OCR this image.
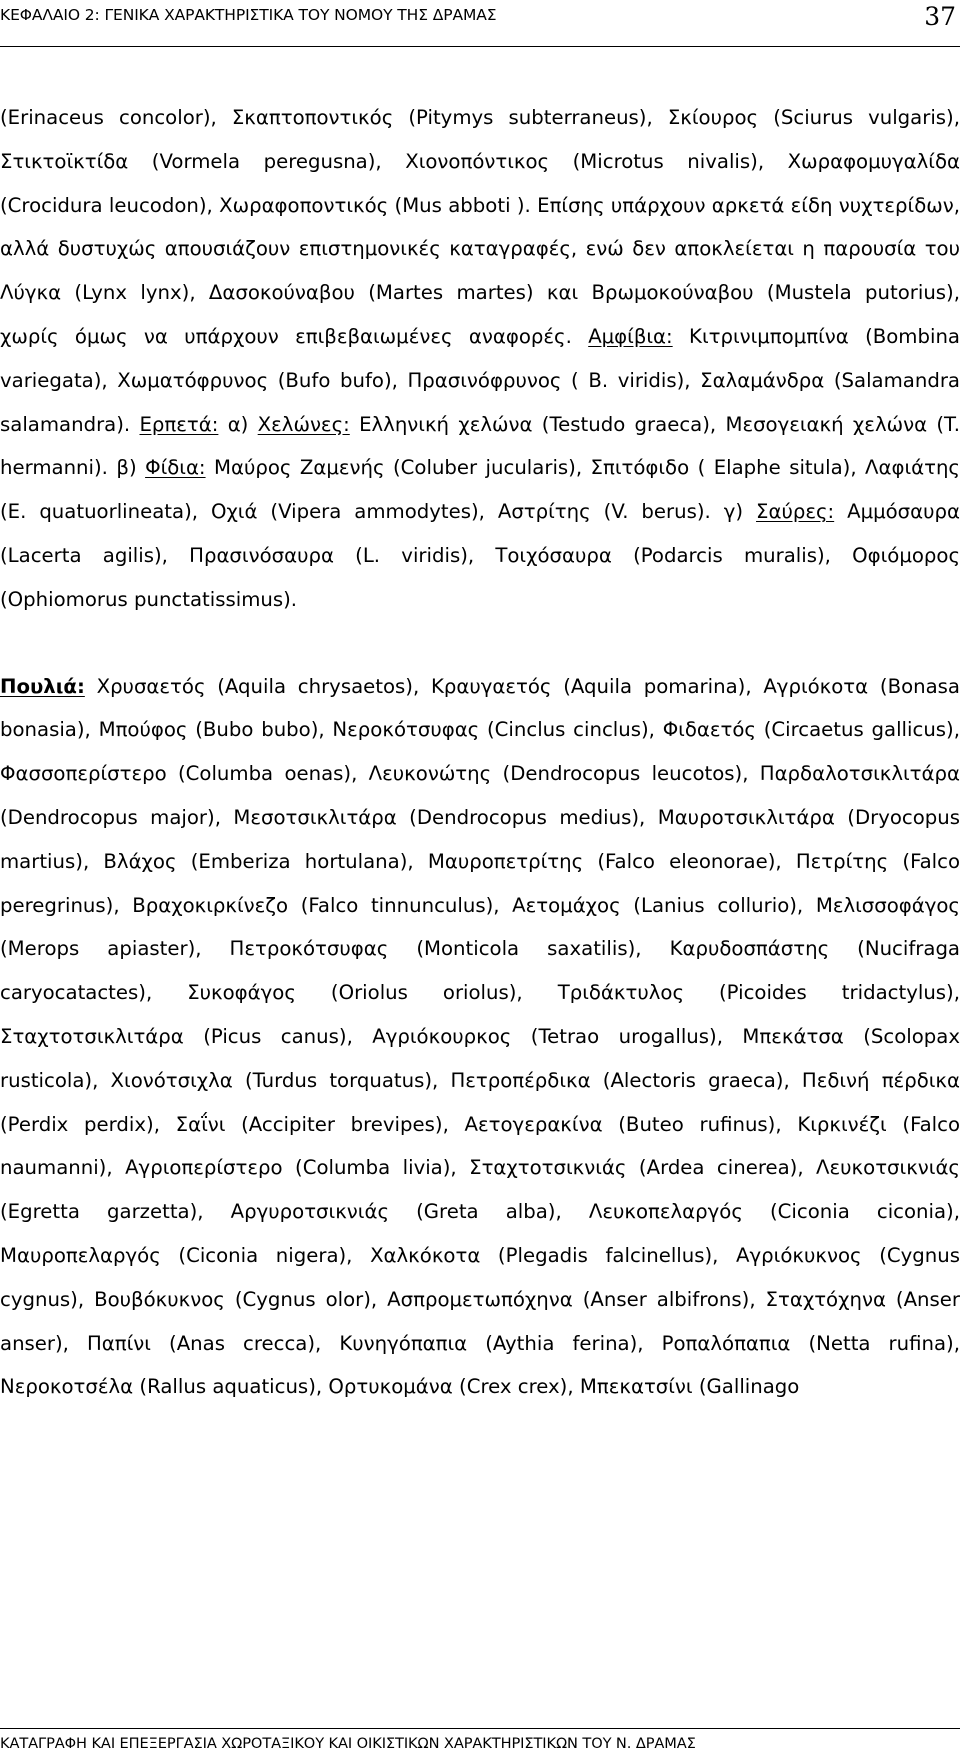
ΚΕΦΑΛΑΙΟ 2: ΓΕΝΙΚΑ ΧΑΡΑΚΤΗΡΙΣΤΙΚΑ ΤΟΥ ΝΟΜΟΥ ΤΗΣ ΔΡΑΜΑΣ	37

(Erinaceus concolor), Σκαπτοποντικός (Pitymys subterraneus), Σκίουρος (Sciurus vulgaris), Στικτοϊκτίδα (Vormela peregusna), Χιονοπόντικος (Microtus nivalis), Χωραφομυγαλίδα (Crocidura leucodon), Χωραφοποντικός (Mus abboti ). Επίσης υπάρχουν αρκετά είδη νυχτερίδων, αλλά δυστυχώς απουσιάζουν επιστημονικές καταγραφές, ενώ δεν αποκλείεται η παρουσία του Λύγκα (Lynx lynx), Δασοκούναβου (Martes martes) και Βρωμοκούναβου (Mustela putorius), χωρίς όμως να υπάρχουν επιβεβαιωμένες αναφορές. Αμφίβια: Κιτρινιμπομπίνα (Bombina variegata), Χωματόφρυνος (Bufo bufo), Πρασινόφρυνος ( B. viridis), Σαλαμάνδρα (Salamandra salamandra). Ερπετά: α) Χελώνες: Ελληνική χελώνα (Testudo graeca), Μεσογειακή χελώνα (T. hermanni). β) Φίδια: Μαύρος Ζαμενής (Coluber jucularis), Σπιτόφιδο ( Elaphe situla), Λαφιάτης (E. quatuorlineata), Οχιά (Vipera ammodytes), Αστρίτης (V. berus). γ) Σαύρες: Αμμόσαυρα (Lacerta agilis), Πρασινόσαυρα (L. viridis), Τοιχόσαυρα (Podarcis muralis), Οφιόμορος (Ophiomorus punctatissimus).

Πουλιά: Χρυσαετός (Aquila chrysaetos), Κραυγαετός (Aquila pomarina), Αγριόκοτα (Bonasa bonasia), Μπούφος (Bubo bubo), Νεροκότσυφας (Cinclus cinclus), Φιδαετός (Circaetus gallicus), Φασσοπερίστερο (Columba oenas), Λευκονώτης (Dendrocopus leucotos), Παρδαλοτσικλιτάρα (Dendrocopus major), Μεσοτσικλιτάρα (Dendrocopus medius), Μαυροτσικλιτάρα (Dryocopus martius), Βλάχος (Emberiza hortulana), Μαυροπετρίτης (Falco eleonorae), Πετρίτης (Falco peregrinus), Βραχοκιρκίνεζο (Falco tinnunculus), Αετομάχος (Lanius collurio), Μελισσοφάγος (Merops apiaster), Πετροκότσυφας (Monticola saxatilis), Καρυδοσπάστης (Nucifraga caryocatactes), Συκοφάγος (Oriolus oriolus), Τριδάκτυλος (Picoides tridactylus), Σταχτοτσικλιτάρα (Picus canus), Αγριόκουρκος (Tetrao urogallus), Μπεκάτσα (Scolopax rusticola), Χιονότσιχλα (Turdus torquatus), Πετροπέρδικα (Alectoris graeca), Πεδινή πέρδικα (Perdix perdix), Σαΐνι (Accipiter brevipes), Αετογερακίνα (Buteo rufinus), Κιρκινέζι (Falco naumanni), Αγριοπερίστερο (Columba livia), Σταχτοτσικνιάς (Ardea cinerea), Λευκοτσικνιάς (Egretta garzetta), Αργυροτσικνιάς (Greta alba), Λευκοπελαργός (Ciconia ciconia), Μαυροπελαργός (Ciconia nigera), Χαλκόκοτα (Plegadis falcinellus), Αγριόκυκνος (Cygnus cygnus), Βουβόκυκνος (Cygnus olor), Ασπρομετωπόχηνα (Anser albifrons), Σταχτόχηνα (Anser anser), Παπίνι (Anas crecca), Κυνηγόπαπια (Aythia ferina), Ροπαλόπαπια (Netta rufina), Νεροκοτσέλα (Rallus aquaticus), Ορτυκομάνα (Crex crex), Μπεκατσίνι (Gallinago

ΚΑΤΑΓΡΑΦΗ ΚΑΙ ΕΠΕΞΕΡΓΑΣΙΑ ΧΩΡΟΤΑΞΙΚΟΥ ΚΑΙ ΟΙΚΙΣΤΙΚΩΝ ΧΑΡΑΚΤΗΡΙΣΤΙΚΩΝ ΤΟΥ Ν. ΔΡΑΜΑΣ
